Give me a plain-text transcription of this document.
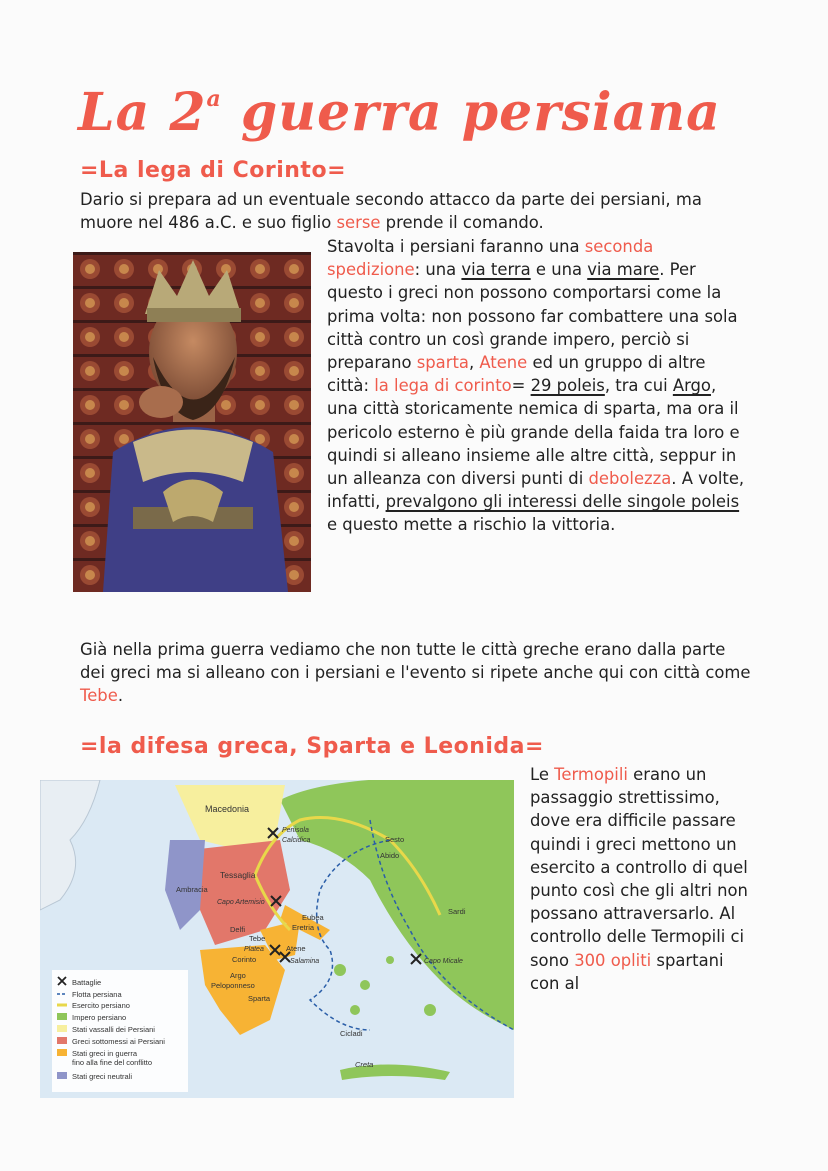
La 2$^a$ guerra persiana
=La lega di Corinto=
Dario si prepara ad un eventuale secondo attacco da parte dei persiani, ma muore nel 486 a.C. e suo figlio serse prende il comando.
Stavolta i persiani faranno una seconda spedizione: una via terra e una via mare. Per questo i greci non possono comportarsi come la prima volta: non possono far combattere una sola città contro un così grande impero, perciò si preparano sparta, Atene ed un gruppo di altre città: la lega di corinto= 29 poleis, tra cui Argo, una città storicamente nemica di sparta, ma ora il pericolo esterno è più grande della faida tra loro e quindi si alleano insieme alle altre città, seppur in un alleanza con diversi punti di debolezza. A volte, infatti, prevalgono gli interessi delle singole poleis e questo mette a rischio la vittoria.
Già nella prima guerra vediamo che non tutte le città greche erano dalla parte dei greci ma si alleano con i persiani e l'evento si ripete anche qui con città come Tebe.
=la difesa greca, Sparta e Leonida=
Macedonia
Penisola
Calcidica	Sesto
Abido
Tessaglia
Ambracia
Capo Artemisio
Eubea
Eretria
Delfi
Tebe
Platea	Atene
Corinto	Salamina
Argo
Peloponneso
Sparta
Sardi
Capo Micale
Cicladi
Creta
Battaglie
Flotta persiana
Esercito persiano
Impero persiano
Stati vassalli dei Persiani
Greci sottomessi ai Persiani
Stati greci in guerra
fino alla fine del conflitto
Stati greci neutrali
Le Termopili erano un passaggio strettissimo, dove era difficile passare quindi i greci mettono un esercito a controllo di quel punto così che gli altri non possano attraversarlo. Al controllo delle Termopili ci sono 300 opliti spartani con al
